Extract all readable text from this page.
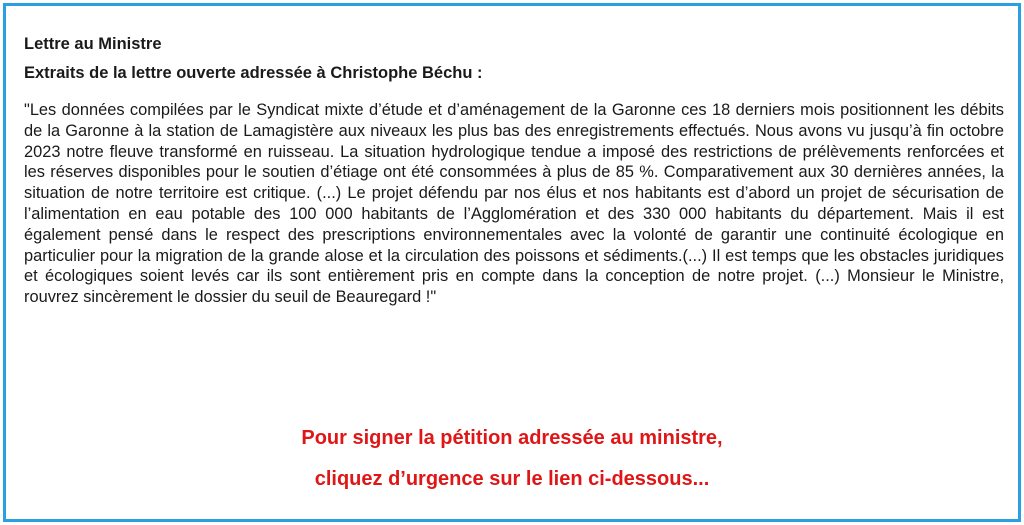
Lettre au Ministre

Extraits de la lettre ouverte adressée à Christophe Béchu :

"Les données compilées par le Syndicat mixte d’étude et d’aménagement de la Garonne ces 18 derniers mois positionnent les débits de la Garonne à la station de Lamagistère aux niveaux les plus bas des enregistrements effectués. Nous avons vu jusqu’à fin octobre 2023 notre fleuve transformé en ruisseau. La situation hydrologique tendue a imposé des restrictions de prélèvements renforcées et les réserves disponibles pour le soutien d’étiage ont été consommées à plus de 85 %. Comparativement aux 30 dernières années, la situation de notre territoire est critique. (...) Le projet défendu par nos élus et nos habitants est d’abord un projet de sécurisation de l’alimentation en eau potable des 100 000 habitants de l’Agglomération et des 330 000 habitants du département. Mais il est également pensé dans le respect des prescriptions environnementales avec la volonté de garantir une continuité écologique en particulier pour la migration de la grande alose et la circulation des poissons et sédiments.(...) Il est temps que les obstacles juridiques et écologiques soient levés car ils sont entièrement pris en compte dans la conception de notre projet. (...) Monsieur le Ministre, rouvrez sincèrement le dossier du seuil de Beauregard !"

Pour signer la pétition adressée au ministre,
cliquez d’urgence sur le lien ci-dessous...
